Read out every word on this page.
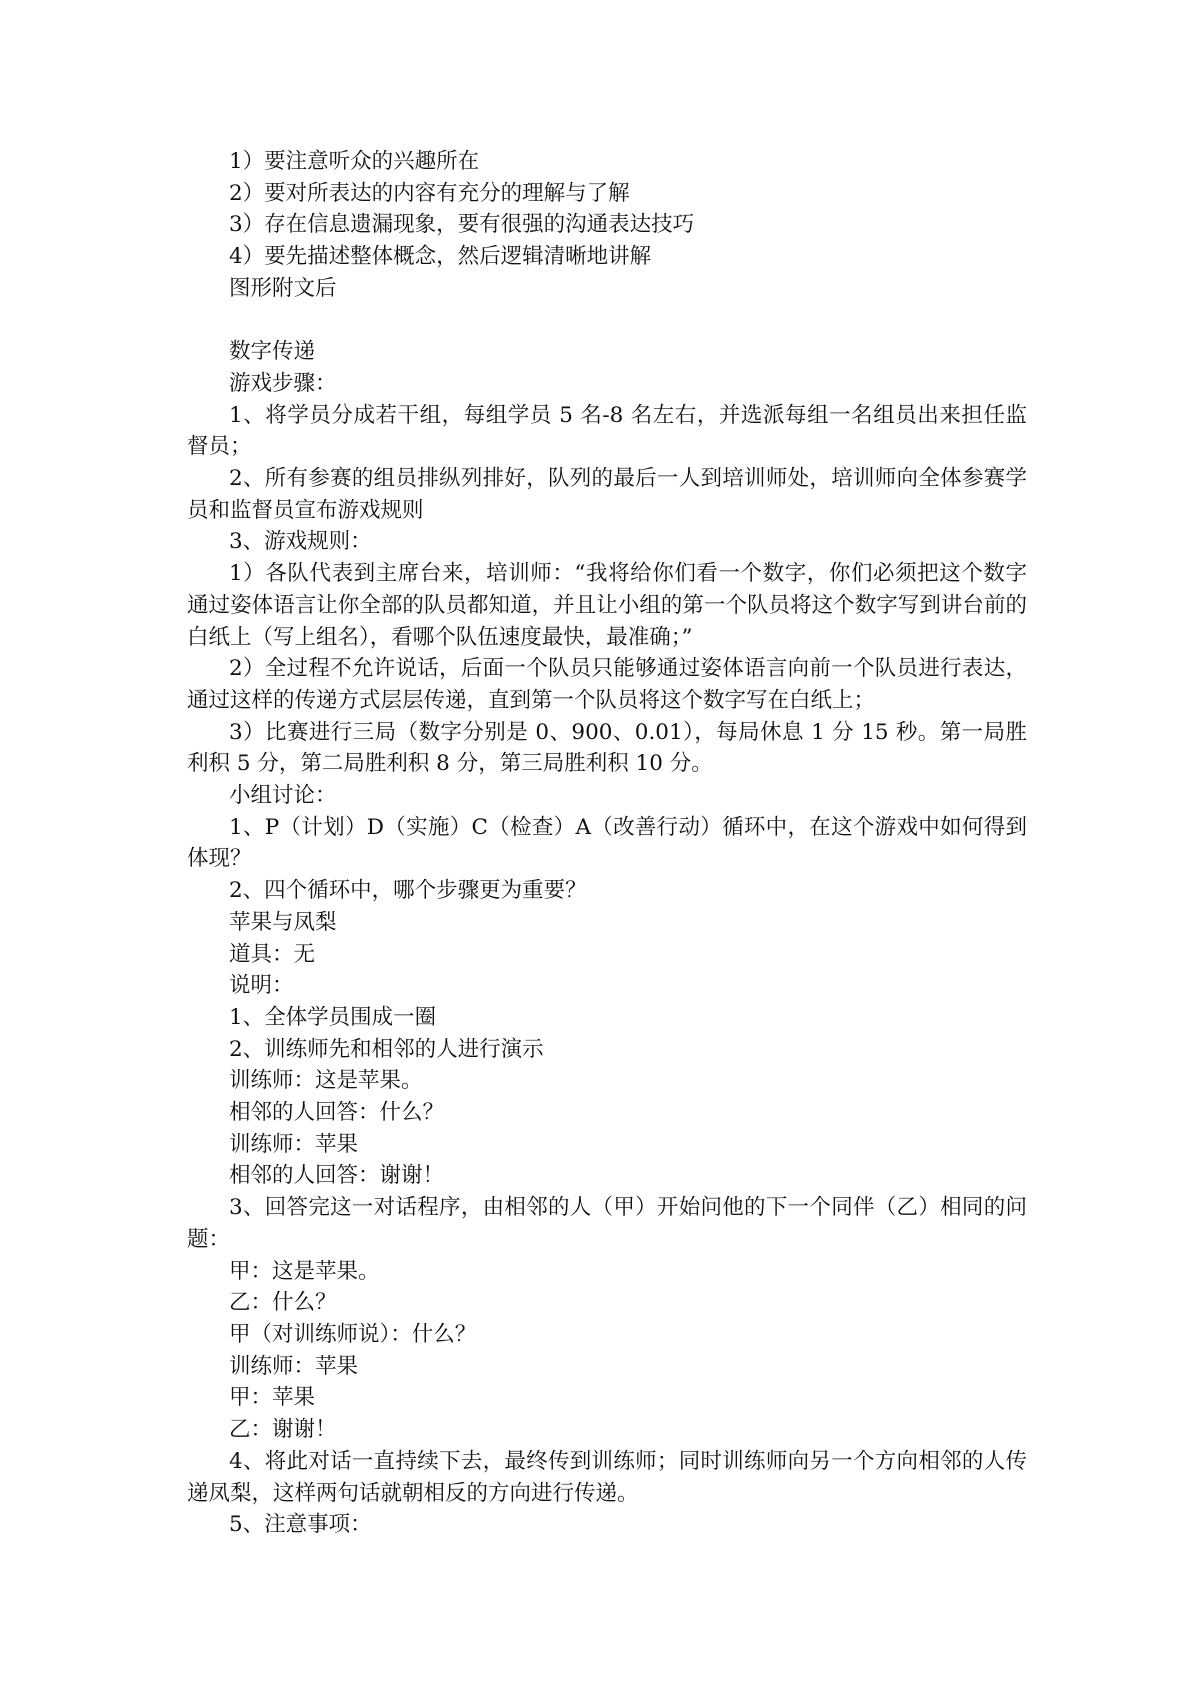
1）要注意听众的兴趣所在

2）要对所表达的内容有充分的理解与了解

3）存在信息遗漏现象，要有很强的沟通表达技巧

4）要先描述整体概念，然后逻辑清晰地讲解

图形附文后

数字传递

游戏步骤：

1、将学员分成若干组，每组学员 5 名-8 名左右，并选派每组一名组员出来担任监督员；

2、所有参赛的组员排纵列排好，队列的最后一人到培训师处，培训师向全体参赛学员和监督员宣布游戏规则

3、游戏规则：

1）各队代表到主席台来，培训师：“我将给你们看一个数字，你们必须把这个数字通过姿体语言让你全部的队员都知道，并且让小组的第一个队员将这个数字写到讲台前的白纸上（写上组名），看哪个队伍速度最快，最准确；”

2）全过程不允许说话，后面一个队员只能够通过姿体语言向前一个队员进行表达，通过这样的传递方式层层传递，直到第一个队员将这个数字写在白纸上；

3）比赛进行三局（数字分别是 0、900、0.01），每局休息 1 分 15 秒。第一局胜利积 5 分，第二局胜利积 8 分，第三局胜利积 10 分。

小组讨论：

1、P（计划）D（实施）C（检查）A（改善行动）循环中，在这个游戏中如何得到体现？

2、四个循环中，哪个步骤更为重要？

苹果与凤梨

道具：无

说明：

1、全体学员围成一圈

2、训练师先和相邻的人进行演示

训练师：这是苹果。

相邻的人回答：什么？

训练师：苹果

相邻的人回答：谢谢！

3、回答完这一对话程序，由相邻的人（甲）开始问他的下一个同伴（乙）相同的问题：

甲：这是苹果。

乙：什么？

甲（对训练师说）：什么？

训练师：苹果

甲：苹果

乙：谢谢！

4、将此对话一直持续下去，最终传到训练师；同时训练师向另一个方向相邻的人传递凤梨，这样两句话就朝相反的方向进行传递。

5、注意事项：
